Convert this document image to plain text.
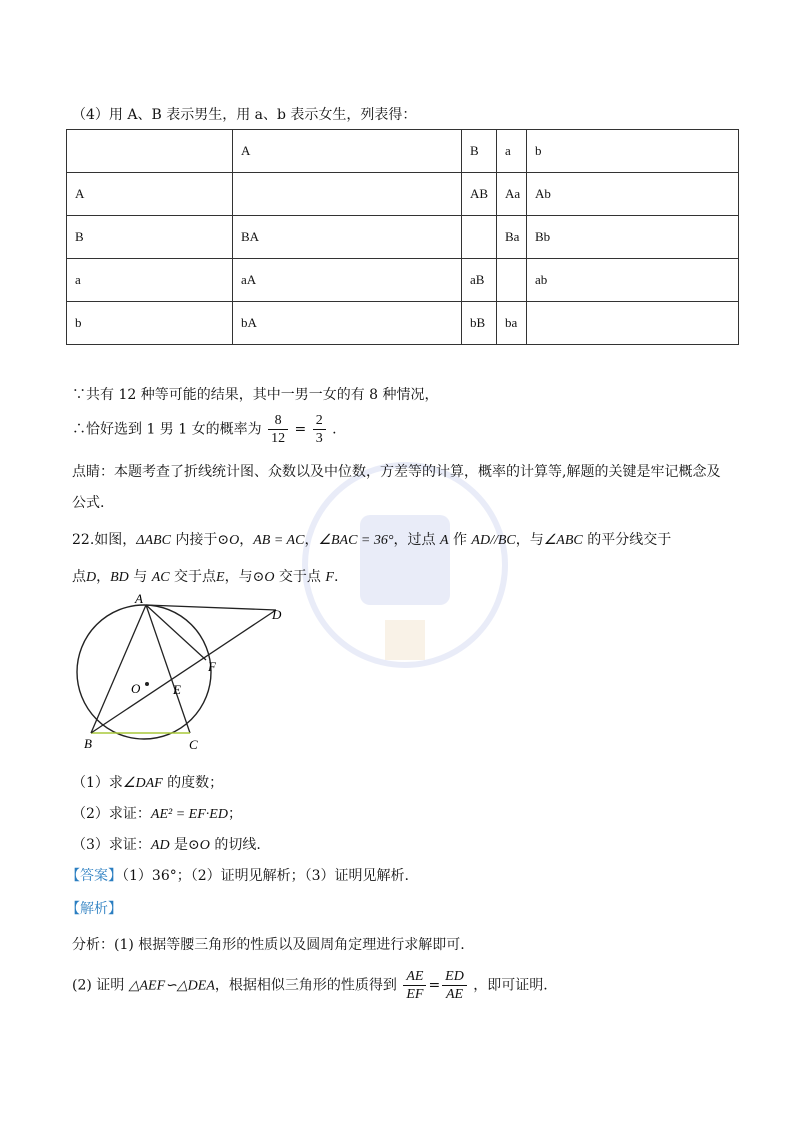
（4）用 A、B 表示男生，用 a、b 表示女生，列表得：
	A	B	a	b
A		AB	Aa	Ab
B	BA		Ba	Bb
a	aA	aB		ab
b	bA	bB	ba	
∵共有 12 种等可能的结果，其中一男一女的有 8 种情况，
∴恰好选到 1 男 1 女的概率为 $\frac{8}{12} = \frac{2}{3}$ .
点睛：本题考查了折线统计图、众数以及中位数，方差等的计算，概率的计算等,解题的关键是牢记概念及
公式.
22.如图，ΔABC 内接于⊙O，AB = AC，∠BAC = 36°，过点 A 作 AD//BC，与∠ABC 的平分线交于
点D，BD 与 AC 交于点E，与⊙O 交于点 F.
A
D
F
O	E
B	C
（1）求∠DAF 的度数；
（2）求证：AE² = EF·ED；
（3）求证：AD 是⊙O 的切线.
【答案】（1）36°；（2）证明见解析；（3）证明见解析.
【解析】
分析：(1) 根据等腰三角形的性质以及圆周角定理进行求解即可.
(2) 证明 △AEF∽△DEA，根据相似三角形的性质得到 $\frac{AE}{EF} = \frac{ED}{AE}$ ，即可证明.
